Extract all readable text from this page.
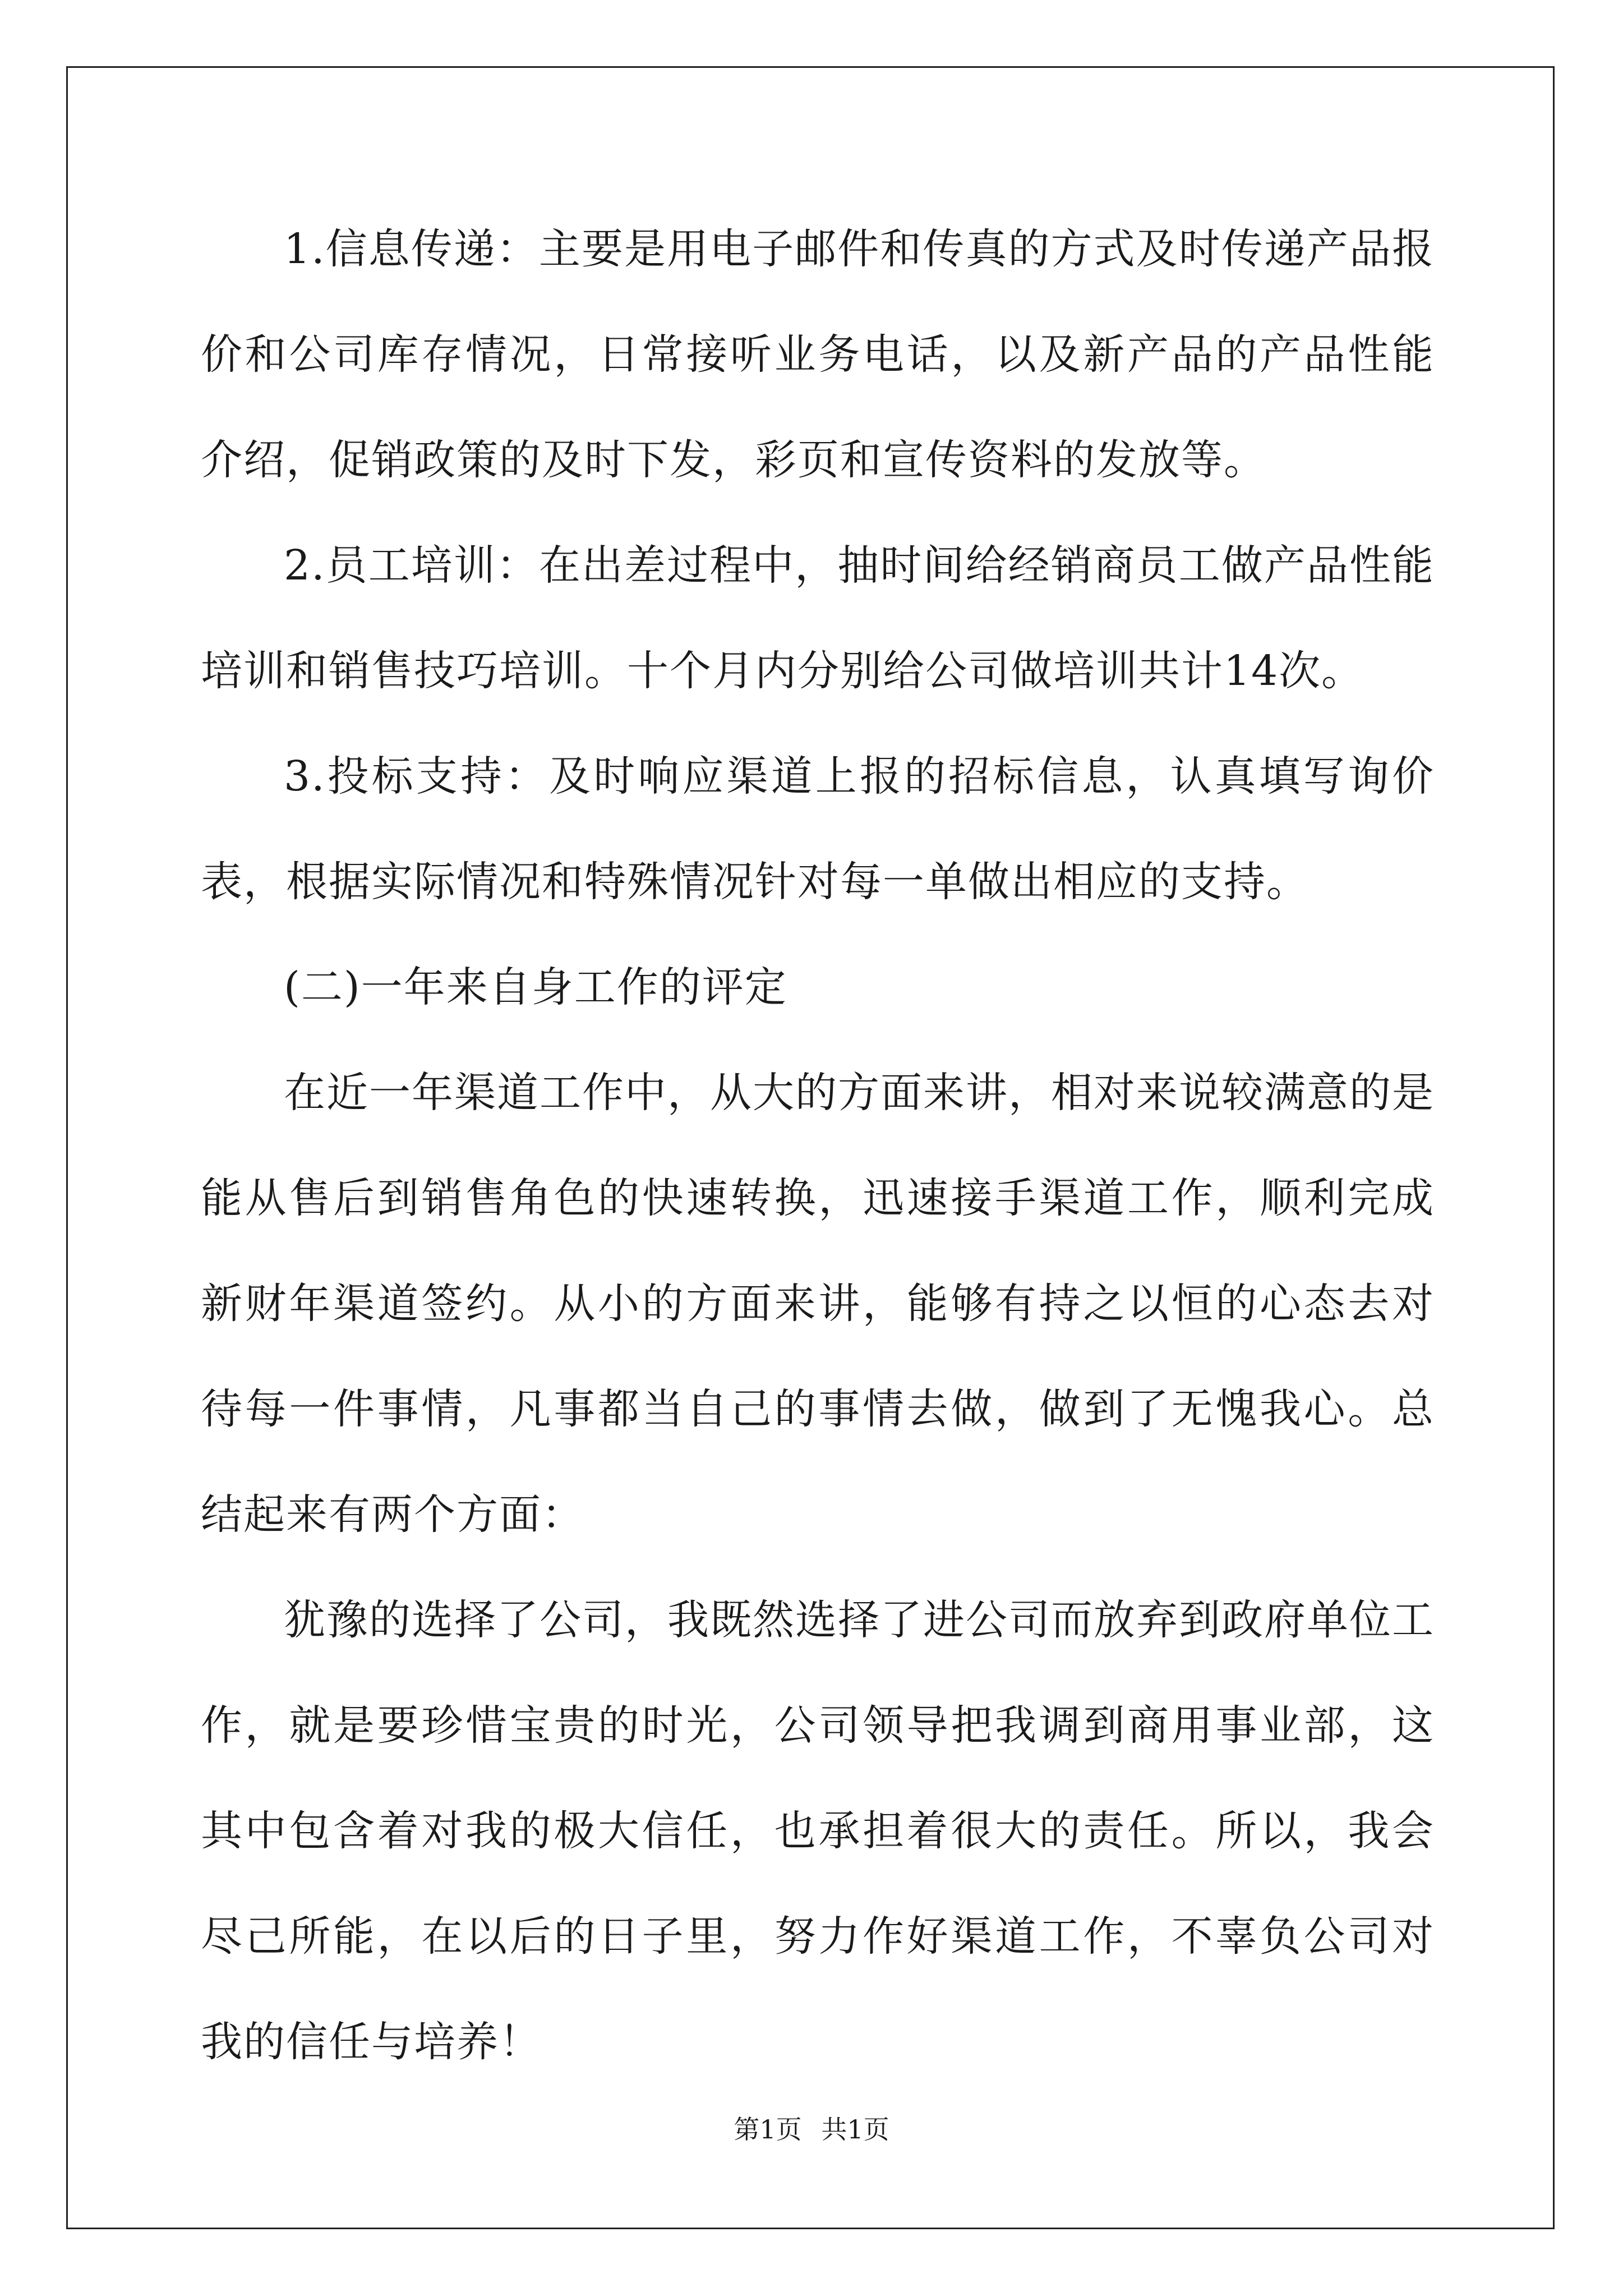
1.信息传递：主要是用电子邮件和传真的方式及时传递产品报价和公司库存情况，日常接听业务电话，以及新产品的产品性能介绍，促销政策的及时下发，彩页和宣传资料的发放等。

2.员工培训：在出差过程中，抽时间给经销商员工做产品性能培训和销售技巧培训。十个月内分别给公司做培训共计14次。

3.投标支持：及时响应渠道上报的招标信息，认真填写询价表，根据实际情况和特殊情况针对每一单做出相应的支持。

(二)一年来自身工作的评定

在近一年渠道工作中，从大的方面来讲，相对来说较满意的是能从售后到销售角色的快速转换，迅速接手渠道工作，顺利完成新财年渠道签约。从小的方面来讲，能够有持之以恒的心态去对待每一件事情，凡事都当自己的事情去做，做到了无愧我心。总结起来有两个方面：

犹豫的选择了公司，我既然选择了进公司而放弃到政府单位工作，就是要珍惜宝贵的时光，公司领导把我调到商用事业部，这其中包含着对我的极大信任，也承担着很大的责任。所以，我会尽己所能，在以后的日子里，努力作好渠道工作，不辜负公司对我的信任与培养！

第1页 共1页
